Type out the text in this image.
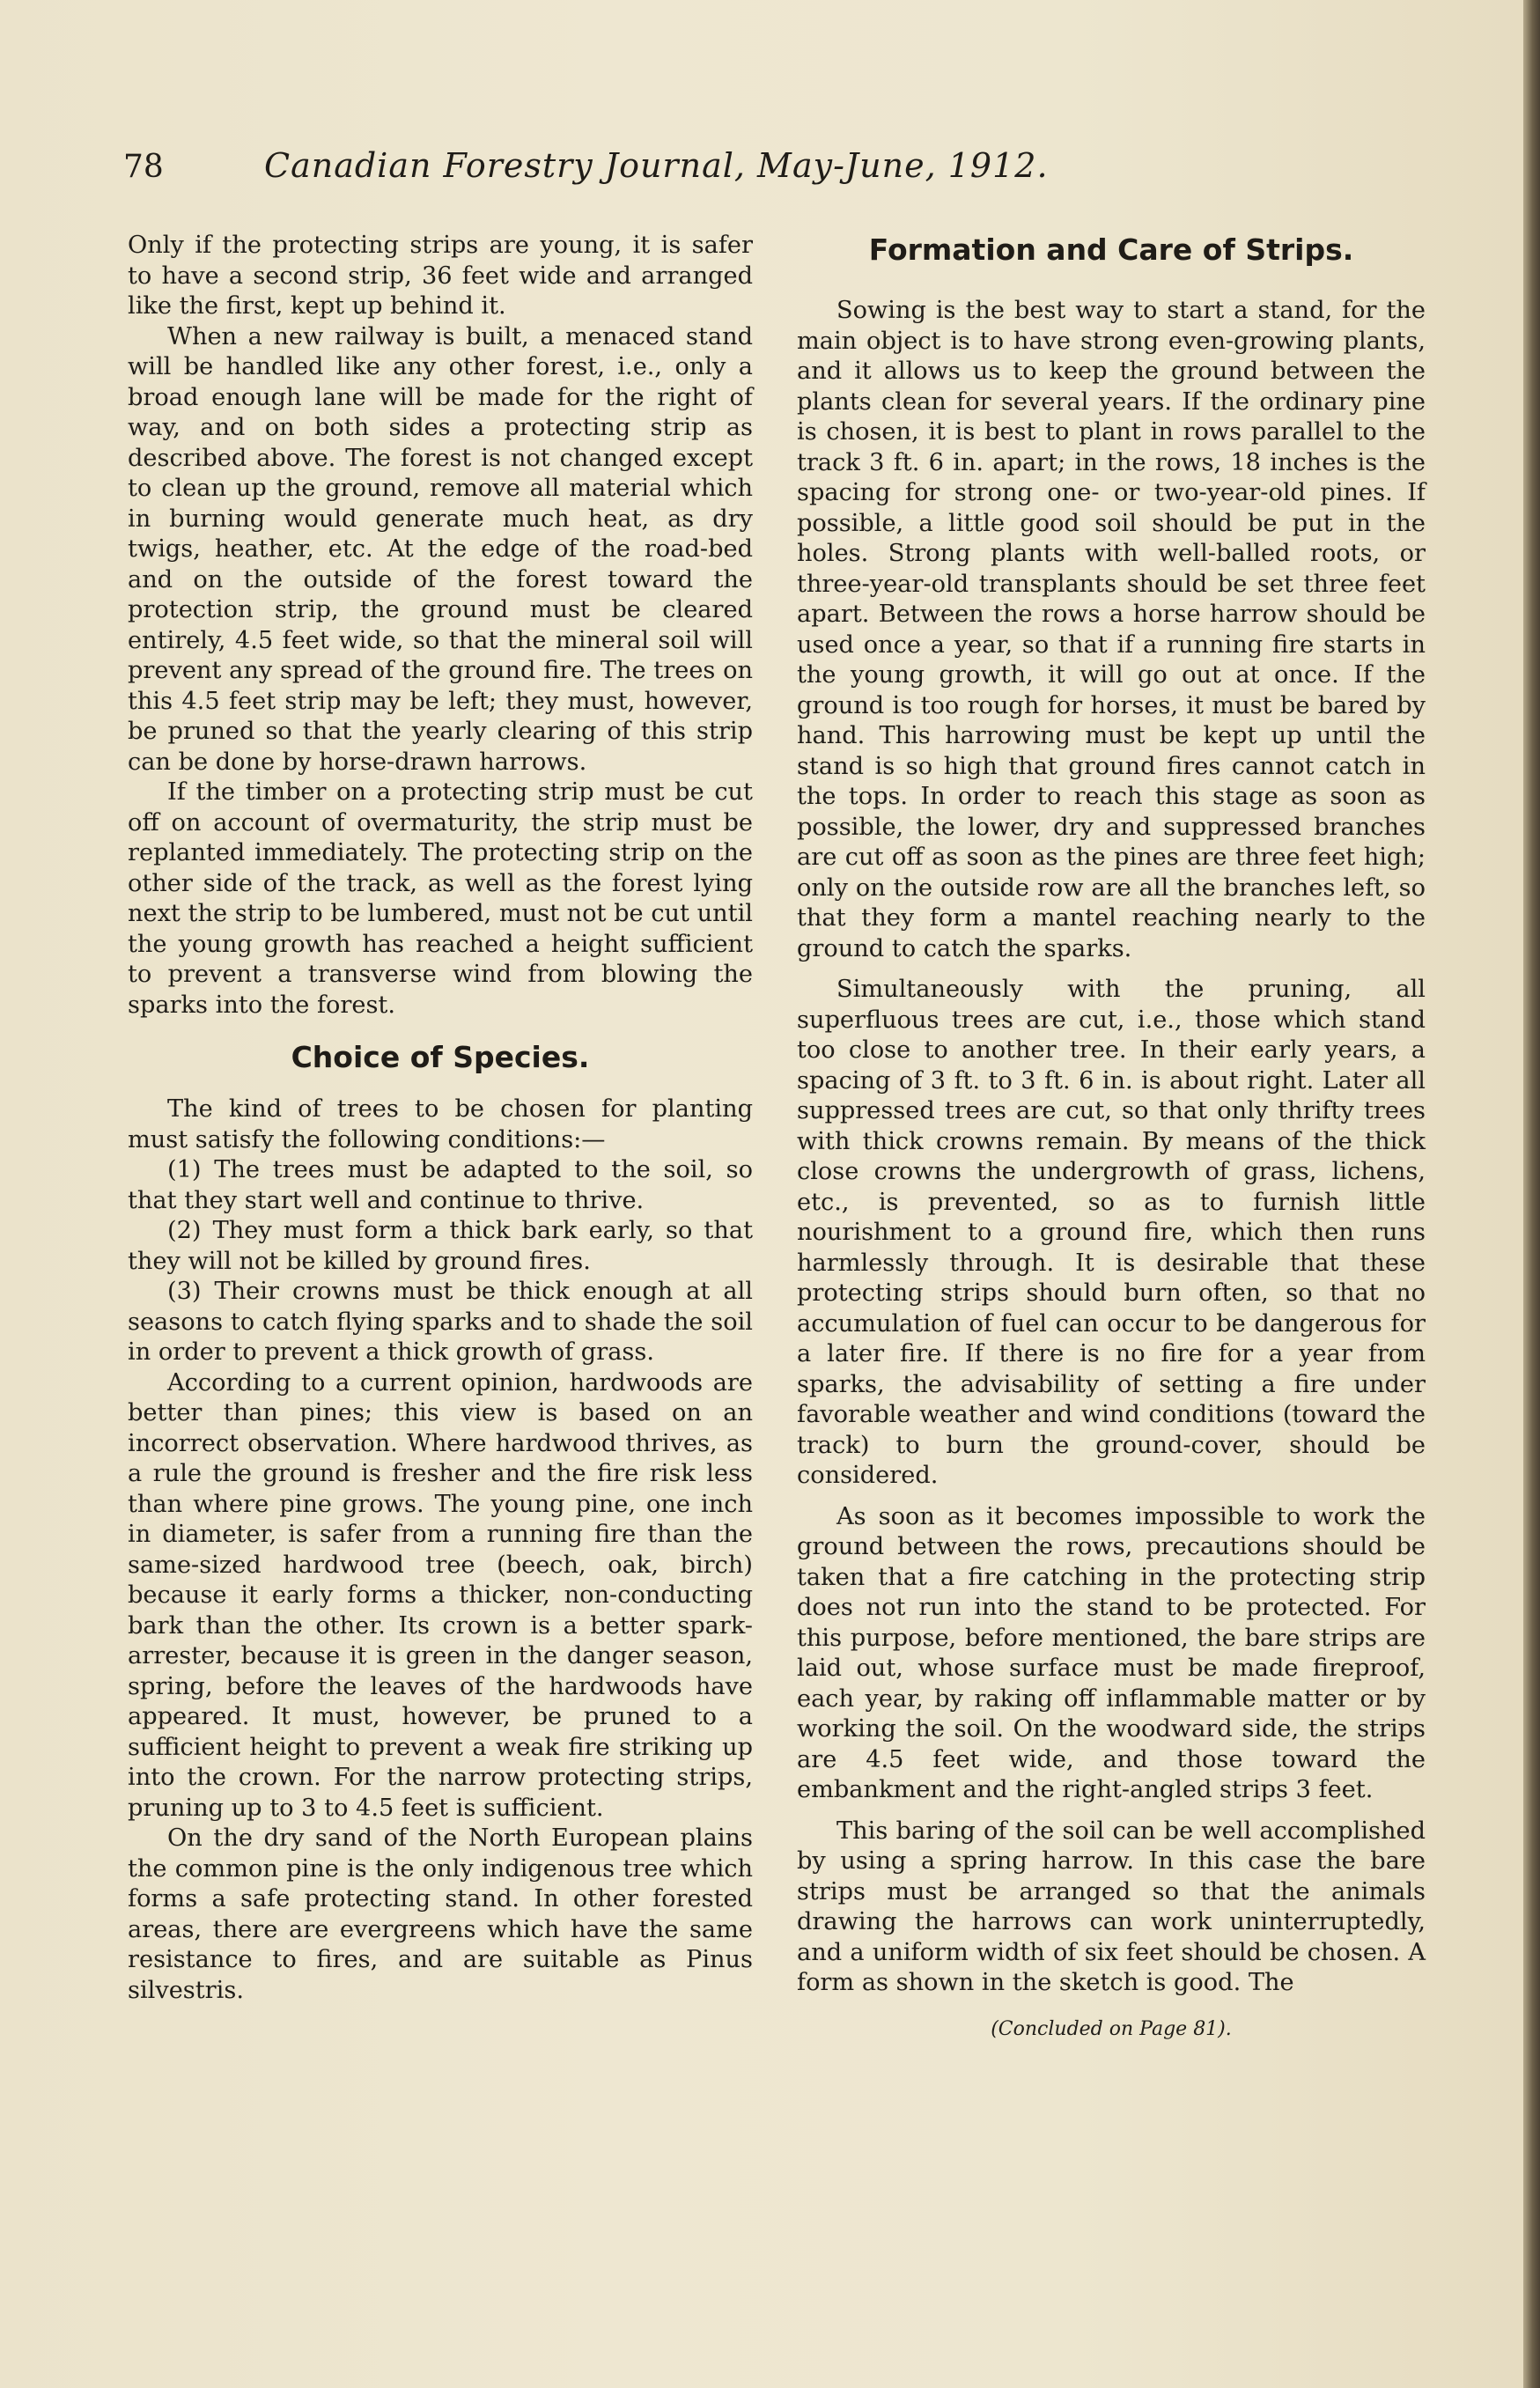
78	Canadian Forestry Journal, May-June, 1912.

Only if the protecting strips are young, it is safer to have a second strip, 36 feet wide and arranged like the first, kept up behind it.

When a new railway is built, a menaced stand will be handled like any other forest, i.e., only a broad enough lane will be made for the right of way, and on both sides a protecting strip as described above. The forest is not changed except to clean up the ground, remove all material which in burning would generate much heat, as dry twigs, heather, etc. At the edge of the road-bed and on the outside of the forest toward the protection strip, the ground must be cleared entirely, 4.5 feet wide, so that the mineral soil will prevent any spread of the ground fire. The trees on this 4.5 feet strip may be left; they must, however, be pruned so that the yearly clearing of this strip can be done by horse-drawn harrows.

If the timber on a protecting strip must be cut off on account of overmaturity, the strip must be replanted immediately. The protecting strip on the other side of the track, as well as the forest lying next the strip to be lumbered, must not be cut until the young growth has reached a height sufficient to prevent a transverse wind from blowing the sparks into the forest.

Choice of Species.

The kind of trees to be chosen for planting must satisfy the following conditions:—

(1) The trees must be adapted to the soil, so that they start well and continue to thrive.

(2) They must form a thick bark early, so that they will not be killed by ground fires.

(3) Their crowns must be thick enough at all seasons to catch flying sparks and to shade the soil in order to prevent a thick growth of grass.

According to a current opinion, hardwoods are better than pines; this view is based on an incorrect observation. Where hardwood thrives, as a rule the ground is fresher and the fire risk less than where pine grows. The young pine, one inch in diameter, is safer from a running fire than the same-sized hardwood tree (beech, oak, birch) because it early forms a thicker, non-conducting bark than the other. Its crown is a better spark-arrester, because it is green in the danger season, spring, before the leaves of the hardwoods have appeared. It must, however, be pruned to a sufficient height to prevent a weak fire striking up into the crown. For the narrow protecting strips, pruning up to 3 to 4.5 feet is sufficient.

On the dry sand of the North European plains the common pine is the only indigenous tree which forms a safe protecting stand. In other forested areas, there are evergreens which have the same resistance to fires, and are suitable as Pinus silvestris.

Formation and Care of Strips.

Sowing is the best way to start a stand, for the main object is to have strong even-growing plants, and it allows us to keep the ground between the plants clean for several years. If the ordinary pine is chosen, it is best to plant in rows parallel to the track 3 ft. 6 in. apart; in the rows, 18 inches is the spacing for strong one- or two-year-old pines. If possible, a little good soil should be put in the holes. Strong plants with well-balled roots, or three-year-old transplants should be set three feet apart. Between the rows a horse harrow should be used once a year, so that if a running fire starts in the young growth, it will go out at once. If the ground is too rough for horses, it must be bared by hand. This harrowing must be kept up until the stand is so high that ground fires cannot catch in the tops. In order to reach this stage as soon as possible, the lower, dry and suppressed branches are cut off as soon as the pines are three feet high; only on the outside row are all the branches left, so that they form a mantel reaching nearly to the ground to catch the sparks.

Simultaneously with the pruning, all superfluous trees are cut, i.e., those which stand too close to another tree. In their early years, a spacing of 3 ft. to 3 ft. 6 in. is about right. Later all suppressed trees are cut, so that only thrifty trees with thick crowns remain. By means of the thick close crowns the undergrowth of grass, lichens, etc., is prevented, so as to furnish little nourishment to a ground fire, which then runs harmlessly through. It is desirable that these protecting strips should burn often, so that no accumulation of fuel can occur to be dangerous for a later fire. If there is no fire for a year from sparks, the advisability of setting a fire under favorable weather and wind conditions (toward the track) to burn the ground-cover, should be considered.

As soon as it becomes impossible to work the ground between the rows, precautions should be taken that a fire catching in the protecting strip does not run into the stand to be protected. For this purpose, before mentioned, the bare strips are laid out, whose surface must be made fireproof, each year, by raking off inflammable matter or by working the soil. On the woodward side, the strips are 4.5 feet wide, and those toward the embankment and the right-angled strips 3 feet.

This baring of the soil can be well accomplished by using a spring harrow. In this case the bare strips must be arranged so that the animals drawing the harrows can work uninterruptedly, and a uniform width of six feet should be chosen. A form as shown in the sketch is good. The

(Concluded on Page 81).
